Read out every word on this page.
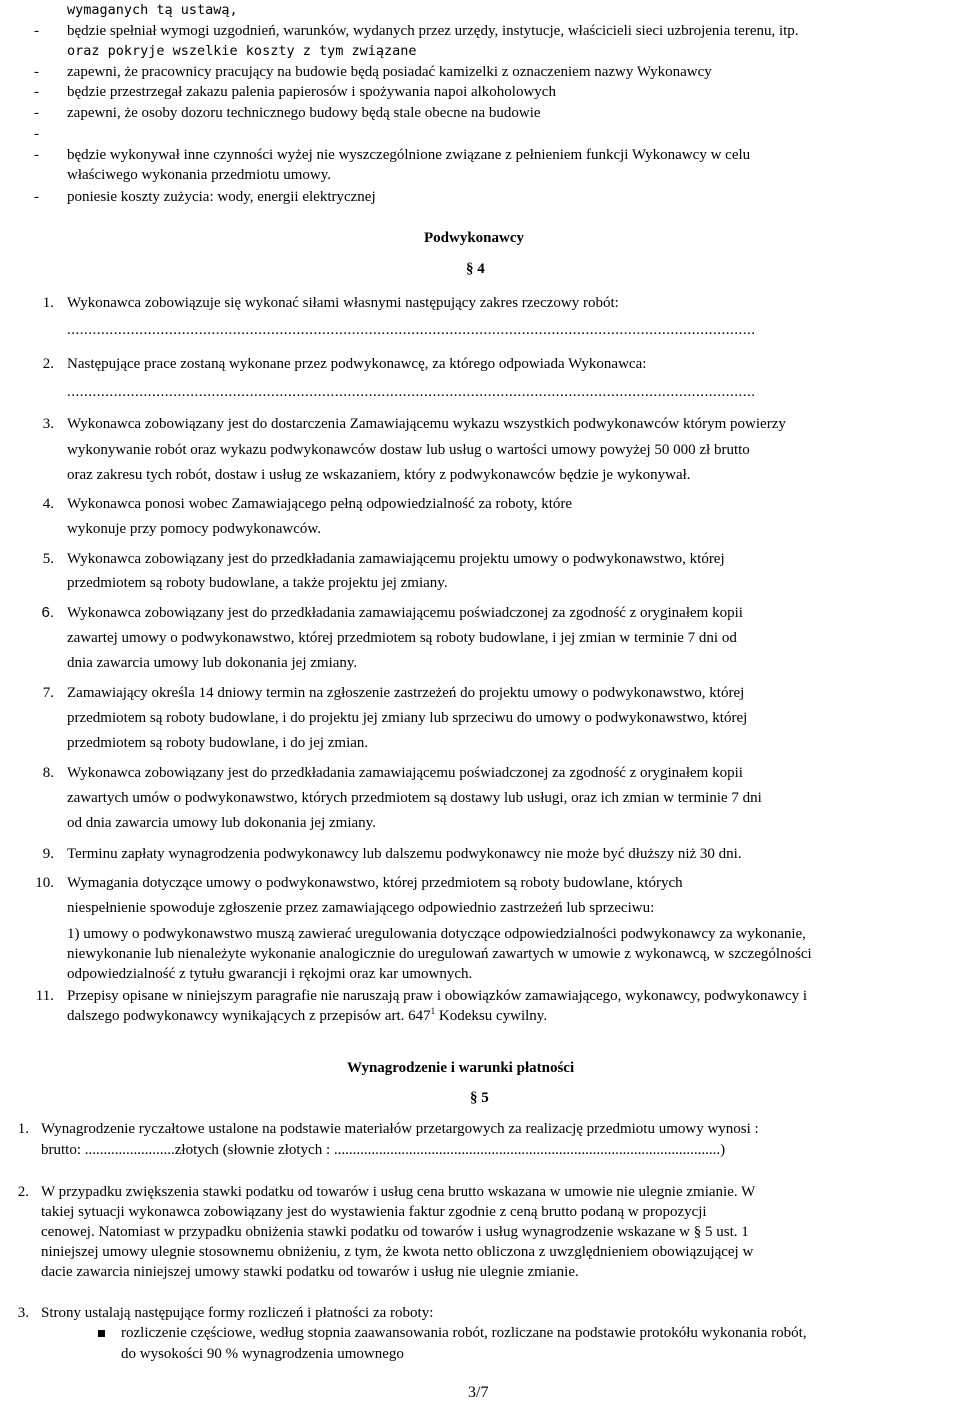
wymaganych tą ustawą,
- będzie spełniał wymogi uzgodnień, warunków, wydanych przez urzędy, instytucje, właścicieli sieci uzbrojenia terenu, itp.
oraz pokryje wszelkie koszty z tym związane
- zapewni, że pracownicy pracujący na budowie będą posiadać kamizelki z oznaczeniem nazwy Wykonawcy
- będzie przestrzegał zakazu palenia papierosów i spożywania napoi alkoholowych
- zapewni, że osoby dozoru technicznego budowy będą stale obecne na budowie
-
- będzie wykonywał inne czynności wyżej nie wyszczególnione związane z pełnieniem funkcji Wykonawcy w celu
właściwego wykonania przedmiotu umowy.
- poniesie koszty zużycia: wody, energii elektrycznej
Podwykonawcy
§ 4
1. Wykonawca zobowiązuje się wykonać siłami własnymi następujący zakres rzeczowy robót:
..................................................................................................................................................................
2. Następujące prace zostaną wykonane przez podwykonawcę, za którego odpowiada Wykonawca:
..................................................................................................................................................................
3. Wykonawca zobowiązany jest do dostarczenia Zamawiającemu wykazu wszystkich podwykonawców którym powierzy
wykonywanie robót oraz wykazu podwykonawców dostaw lub usług o wartości umowy powyżej 50 000 zł brutto
oraz zakresu tych robót, dostaw i usług ze wskazaniem, który z podwykonawców będzie je wykonywał.
4. Wykonawca ponosi wobec Zamawiającego pełną odpowiedzialność za roboty, które
wykonuje przy pomocy podwykonawców.
5. Wykonawca zobowiązany jest do przedkładania zamawiającemu projektu umowy o podwykonawstwo, której
przedmiotem są roboty budowlane, a także projektu jej zmiany.
6. Wykonawca zobowiązany jest do przedkładania zamawiającemu poświadczonej za zgodność z oryginałem kopii
zawartej umowy o podwykonawstwo, której przedmiotem są roboty budowlane, i jej zmian w terminie 7 dni od
dnia zawarcia umowy lub dokonania jej zmiany.
7. Zamawiający określa 14 dniowy termin na zgłoszenie zastrzeżeń do projektu umowy o podwykonawstwo, której
przedmiotem są roboty budowlane, i do projektu jej zmiany lub sprzeciwu do umowy o podwykonawstwo, której
przedmiotem są roboty budowlane, i do jej zmian.
8. Wykonawca zobowiązany jest do przedkładania zamawiającemu poświadczonej za zgodność z oryginałem kopii
zawartych umów o podwykonawstwo, których przedmiotem są dostawy lub usługi, oraz ich zmian w terminie 7 dni
od dnia zawarcia umowy lub dokonania jej zmiany.
9. Terminu zapłaty wynagrodzenia podwykonawcy lub dalszemu podwykonawcy nie może być dłuższy niż 30 dni.
10. Wymagania dotyczące umowy o podwykonawstwo, której przedmiotem są roboty budowlane, których
niespełnienie spowoduje zgłoszenie przez zamawiającego odpowiednio zastrzeżeń lub sprzeciwu:
1) umowy o podwykonawstwo muszą zawierać uregulowania dotyczące odpowiedzialności podwykonawcy za wykonanie,
niewykonanie lub nienależyte wykonanie analogicznie do uregulowań zawartych w umowie z wykonawcą, w szczególności
odpowiedzialność z tytułu gwarancji i rękojmi oraz kar umownych.
11. Przepisy opisane w niniejszym paragrafie nie naruszają praw i obowiązków zamawiającego, wykonawcy, podwykonawcy i
dalszego podwykonawcy wynikających z przepisów art. $647^1$ Kodeksu cywilny.
Wynagrodzenie i warunki płatności
§ 5
1. Wynagrodzenie ryczałtowe ustalone na podstawie materiałów przetargowych za realizację przedmiotu umowy wynosi :
brutto: ........................złotych (słownie złotych : .......................................................................................................)
2. W przypadku zwiększenia stawki podatku od towarów i usług cena brutto wskazana w umowie nie ulegnie zmianie. W
takiej sytuacji wykonawca zobowiązany jest do wystawienia faktur zgodnie z ceną brutto podaną w propozycji
cenowej. Natomiast w przypadku obniżenia stawki podatku od towarów i usług wynagrodzenie wskazane w § 5 ust. 1
niniejszej umowy ulegnie stosownemu obniżeniu, z tym, że kwota netto obliczona z uwzględnieniem obowiązującej w
dacie zawarcia niniejszej umowy stawki podatku od towarów i usług nie ulegnie zmianie.
3. Strony ustalają następujące formy rozliczeń i płatności za roboty:
rozliczenie częściowe, według stopnia zaawansowania robót, rozliczane na podstawie protokółu wykonania robót,
do wysokości 90 % wynagrodzenia umownego
3/7
